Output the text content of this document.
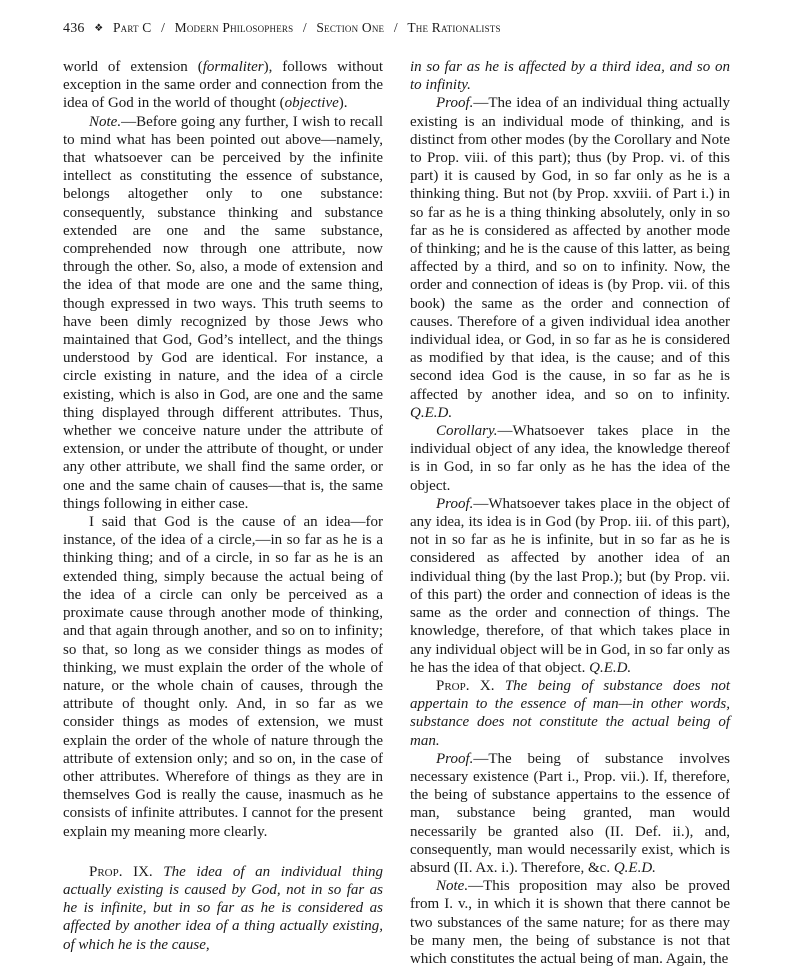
436 ❖ Part C / Modern Philosophers / Section One / The Rationalists

world of extension (formaliter), follows without exception in the same order and connection from the idea of God in the world of thought (objective).

Note.—Before going any further, I wish to recall to mind what has been pointed out above—namely, that whatsoever can be perceived by the infinite intellect as constituting the essence of substance, belongs altogether only to one substance: consequently, substance thinking and substance extended are one and the same substance, comprehended now through one attribute, now through the other. So, also, a mode of extension and the idea of that mode are one and the same thing, though expressed in two ways. This truth seems to have been dimly recognized by those Jews who maintained that God, God’s intellect, and the things understood by God are identical. For instance, a circle existing in nature, and the idea of a circle existing, which is also in God, are one and the same thing displayed through different attributes. Thus, whether we conceive nature under the attribute of extension, or under the attribute of thought, or under any other attribute, we shall find the same order, or one and the same chain of causes—that is, the same things following in either case.

I said that God is the cause of an idea—for instance, of the idea of a circle,—in so far as he is a thinking thing; and of a circle, in so far as he is an extended thing, simply because the actual being of the idea of a circle can only be perceived as a proximate cause through another mode of thinking, and that again through another, and so on to infinity; so that, so long as we consider things as modes of thinking, we must explain the order of the whole of nature, or the whole chain of causes, through the attribute of thought only. And, in so far as we consider things as modes of extension, we must explain the order of the whole of nature through the attribute of extension only; and so on, in the case of other attributes. Wherefore of things as they are in themselves God is really the cause, inasmuch as he consists of infinite attributes. I cannot for the present explain my meaning more clearly.

Prop. IX. The idea of an individual thing actually existing is caused by God, not in so far as he is infinite, but in so far as he is considered as affected by another idea of a thing actually existing, of which he is the cause,

in so far as he is affected by a third idea, and so on to infinity.

Proof.—The idea of an individual thing actually existing is an individual mode of thinking, and is distinct from other modes (by the Corollary and Note to Prop. viii. of this part); thus (by Prop. vi. of this part) it is caused by God, in so far only as he is a thinking thing. But not (by Prop. xxviii. of Part i.) in so far as he is a thing thinking absolutely, only in so far as he is considered as affected by another mode of thinking; and he is the cause of this latter, as being affected by a third, and so on to infinity. Now, the order and connection of ideas is (by Prop. vii. of this book) the same as the order and connection of causes. Therefore of a given individual idea another individual idea, or God, in so far as he is considered as modified by that idea, is the cause; and of this second idea God is the cause, in so far as he is affected by another idea, and so on to infinity. Q.E.D.

Corollary.—Whatsoever takes place in the individual object of any idea, the knowledge thereof is in God, in so far only as he has the idea of the object.

Proof.—Whatsoever takes place in the object of any idea, its idea is in God (by Prop. iii. of this part), not in so far as he is infinite, but in so far as he is considered as affected by another idea of an individual thing (by the last Prop.); but (by Prop. vii. of this part) the order and connection of ideas is the same as the order and connection of things. The knowledge, therefore, of that which takes place in any individual object will be in God, in so far only as he has the idea of that object. Q.E.D.

Prop. X. The being of substance does not appertain to the essence of man—in other words, substance does not constitute the actual being of man.

Proof.—The being of substance involves necessary existence (Part i., Prop. vii.). If, therefore, the being of substance appertains to the essence of man, substance being granted, man would necessarily be granted also (II. Def. ii.), and, consequently, man would necessarily exist, which is absurd (II. Ax. i.). Therefore, &c. Q.E.D.

Note.—This proposition may also be proved from I. v., in which it is shown that there cannot be two substances of the same nature; for as there may be many men, the being of substance is not that which constitutes the actual being of man. Again, the
